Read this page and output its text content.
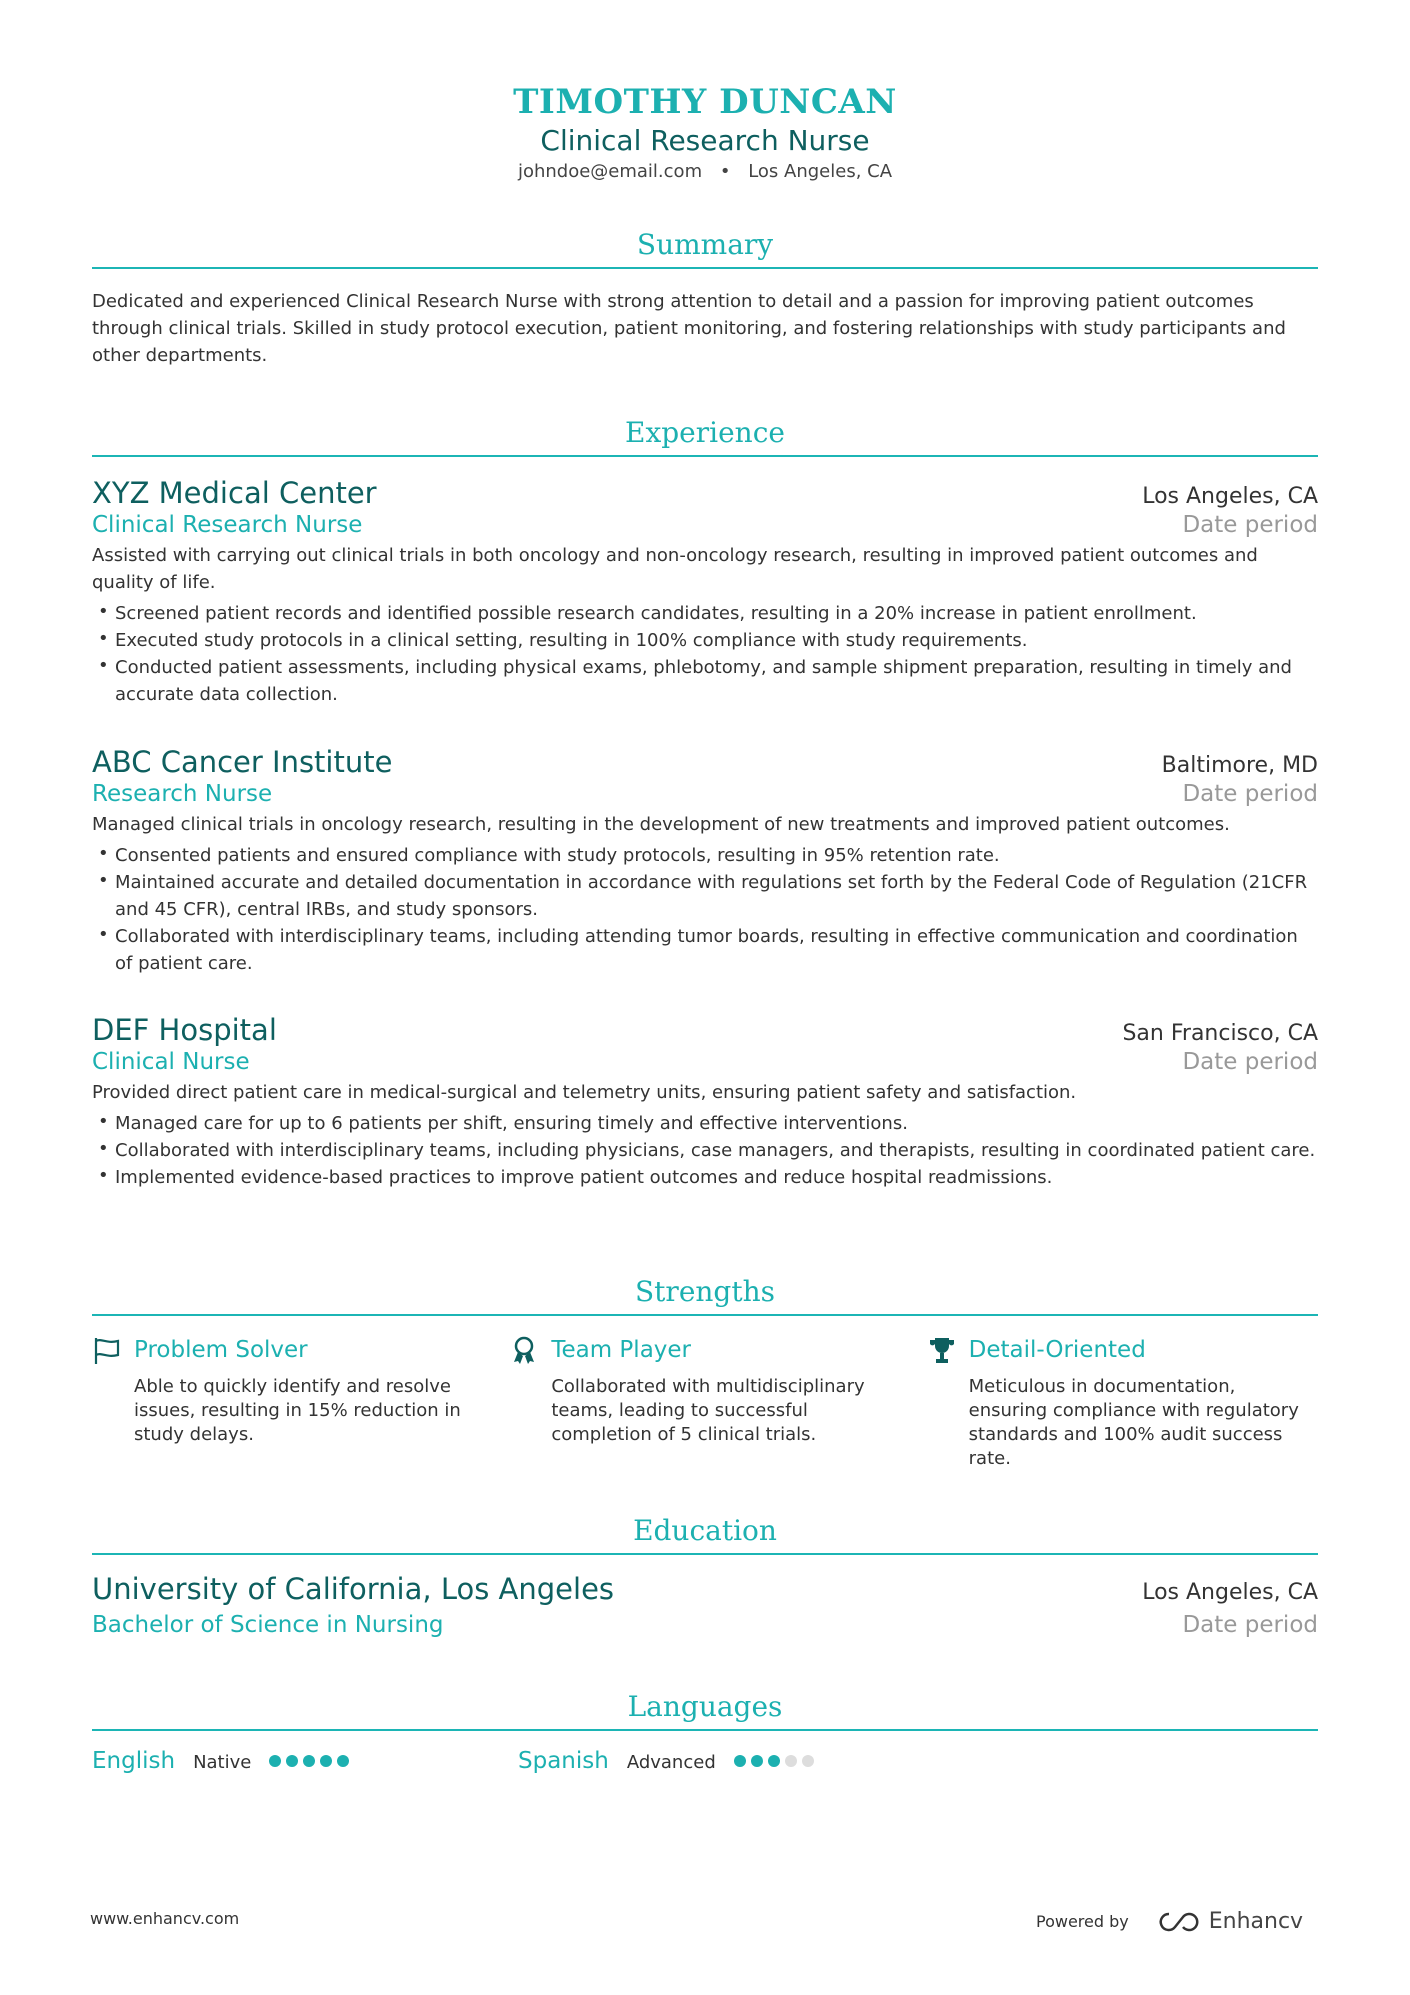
TIMOTHY DUNCAN
Clinical Research Nurse
johndoe@email.com • Los Angeles, CA
Summary
Dedicated and experienced Clinical Research Nurse with strong attention to detail and a passion for improving patient outcomes through clinical trials. Skilled in study protocol execution, patient monitoring, and fostering relationships with study participants and other departments.
Experience
XYZ Medical Center	Los Angeles, CA
Clinical Research Nurse	Date period
Assisted with carrying out clinical trials in both oncology and non-oncology research, resulting in improved patient outcomes and quality of life.
• Screened patient records and identified possible research candidates, resulting in a 20% increase in patient enrollment.
• Executed study protocols in a clinical setting, resulting in 100% compliance with study requirements.
• Conducted patient assessments, including physical exams, phlebotomy, and sample shipment preparation, resulting in timely and accurate data collection.
ABC Cancer Institute	Baltimore, MD
Research Nurse	Date period
Managed clinical trials in oncology research, resulting in the development of new treatments and improved patient outcomes.
• Consented patients and ensured compliance with study protocols, resulting in 95% retention rate.
• Maintained accurate and detailed documentation in accordance with regulations set forth by the Federal Code of Regulation (21CFR and 45 CFR), central IRBs, and study sponsors.
• Collaborated with interdisciplinary teams, including attending tumor boards, resulting in effective communication and coordination of patient care.
DEF Hospital	San Francisco, CA
Clinical Nurse	Date period
Provided direct patient care in medical-surgical and telemetry units, ensuring patient safety and satisfaction.
• Managed care for up to 6 patients per shift, ensuring timely and effective interventions.
• Collaborated with interdisciplinary teams, including physicians, case managers, and therapists, resulting in coordinated patient care.
• Implemented evidence-based practices to improve patient outcomes and reduce hospital readmissions.
Strengths
Problem Solver
Able to quickly identify and resolve issues, resulting in 15% reduction in study delays.
Team Player
Collaborated with multidisciplinary teams, leading to successful completion of 5 clinical trials.
Detail-Oriented
Meticulous in documentation, ensuring compliance with regulatory standards and 100% audit success rate.
Education
University of California, Los Angeles	Los Angeles, CA
Bachelor of Science in Nursing	Date period
Languages
English Native	Spanish Advanced
www.enhancv.com	Powered by	Enhancv
